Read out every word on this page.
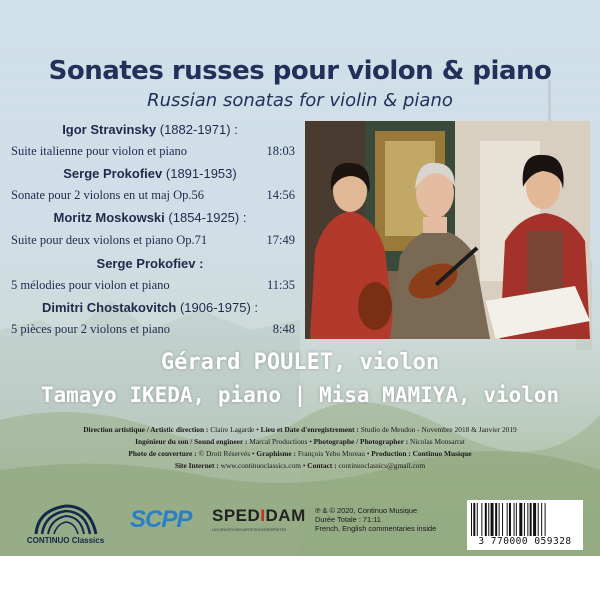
Sonates russes pour violon & piano
Russian sonatas for violin & piano
Igor Stravinsky (1882-1971) :
Suite italienne pour violon et piano	18:03
Serge Prokofiev (1891-1953)
Sonate pour 2 violons en ut maj Op.56	14:56
Moritz Moskowski (1854-1925) :
Suite pour deux violons et piano Op.71	17:49
Serge Prokofiev :
5 mélodies pour violon et piano	11:35
Dimitri Chostakovitch (1906-1975) :
5 pièces pour 2 violons et piano	8:48
Gérard POULET, violon
Tamayo IKEDA, piano | Misa MAMIYA, violon
Direction artistique / Artistic direction : Claire Lagarde • Lieu et Date d'enregistrement : Studio de Meudon - Novembre 2018 & Janvier 2019
Ingénieur du son / Sound engineer : Marcal Productions • Photographe / Photographer : Nicolas Monsarrat
Photo de couverture : © Droit Réservés • Graphisme : François Yebo Moreau • Production : Continuo Musique
Site Internet : www.continuoclassics.com • Contact : continuoclassics@gmail.com
CONTINUO Classics
SCPP SPEDIDAM
LES DROITS DES ARTISTES-INTERPRÈTES
℗ & © 2020, Continuo Musique
Durée Totale : 71:11
French, English commentaries inside
3 770000 059328
